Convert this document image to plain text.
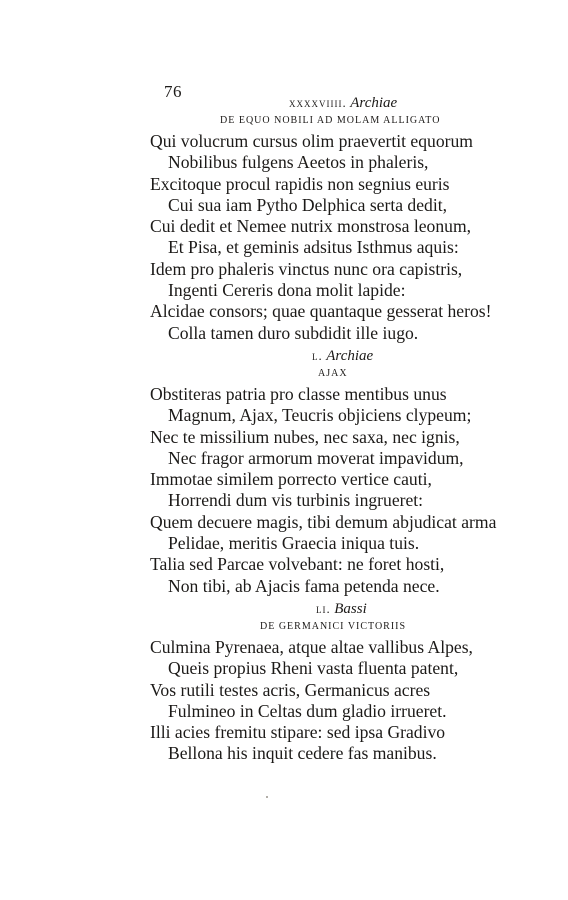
76
xxxxviiii. Archiae
DE EQUO NOBILI AD MOLAM ALLIGATO
Qui volucrum cursus olim praevertit equorum
Nobilibus fulgens Aeetos in phaleris,
Excitoque procul rapidis non segnius euris
Cui sua iam Pytho Delphica serta dedit,
Cui dedit et Nemee nutrix monstrosa leonum,
Et Pisa, et geminis adsitus Isthmus aquis:
Idem pro phaleris vinctus nunc ora capistris,
Ingenti Cereris dona molit lapide:
Alcidae consors; quae quantaque gesserat heros!
Colla tamen duro subdidit ille iugo.
l. Archiae
AJAX
Obstiteras patria pro classe mentibus unus
Magnum, Ajax, Teucris objiciens clypeum;
Nec te missilium nubes, nec saxa, nec ignis,
Nec fragor armorum moverat impavidum,
Immotae similem porrecto vertice cauti,
Horrendi dum vis turbinis ingrueret:
Quem decuere magis, tibi demum abjudicat arma
Pelidae, meritis Graecia iniqua tuis.
Talia sed Parcae volvebant: ne foret hosti,
Non tibi, ab Ajacis fama petenda nece.
li. Bassi
DE GERMANICI VICTORIIS
Culmina Pyrenaea, atque altae vallibus Alpes,
Queis propius Rheni vasta fluenta patent,
Vos rutili testes acris, Germanicus acres
Fulmineo in Celtas dum gladio irrueret.
Illi acies fremitu stipare: sed ipsa Gradivo
Bellona his inquit cedere fas manibus.
